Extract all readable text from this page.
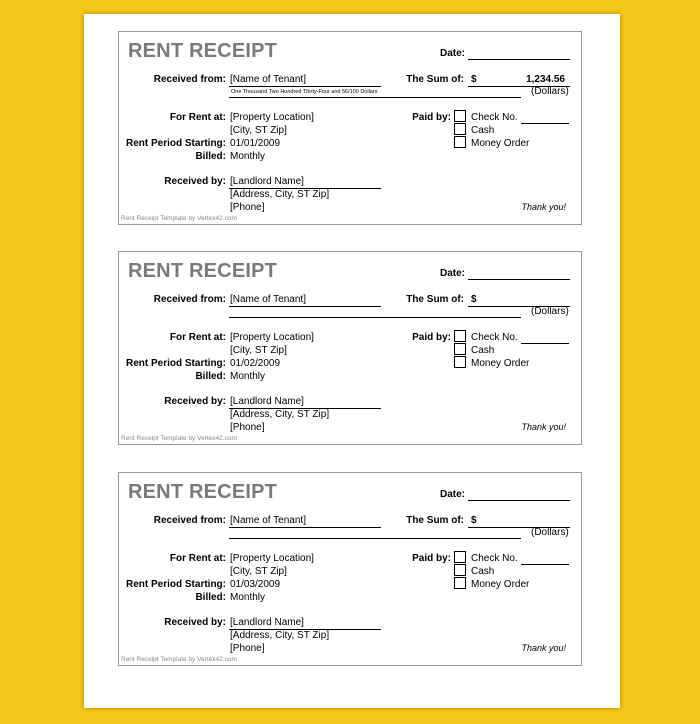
RENT RECEIPT	Date:
Received from: [Name of Tenant]	The Sum of: $	1,234.56
One Thousand Two Hundred Thirty-Four and 56/100 Dollars	(Dollars)
For Rent at: [Property Location]
[City, ST Zip]
Rent Period Starting: 01/01/2009
Billed: Monthly
Paid by: Check No.
Cash
Money Order
Received by: [Landlord Name]
[Address, City, ST Zip]
[Phone]	Thank you!
Rent Receipt Template by Vertex42.com
RENT RECEIPT	Date:
Received from: [Name of Tenant]	The Sum of: $
(Dollars)
For Rent at: [Property Location]
[City, ST Zip]
Rent Period Starting: 01/02/2009
Billed: Monthly
Paid by: Check No.
Cash
Money Order
Received by: [Landlord Name]
[Address, City, ST Zip]
[Phone]	Thank you!
Rent Receipt Template by Vertex42.com
RENT RECEIPT	Date:
Received from: [Name of Tenant]	The Sum of: $
(Dollars)
For Rent at: [Property Location]
[City, ST Zip]
Rent Period Starting: 01/03/2009
Billed: Monthly
Paid by: Check No.
Cash
Money Order
Received by: [Landlord Name]
[Address, City, ST Zip]
[Phone]	Thank you!
Rent Receipt Template by Vertex42.com
www.pagechristiansincollege.com
